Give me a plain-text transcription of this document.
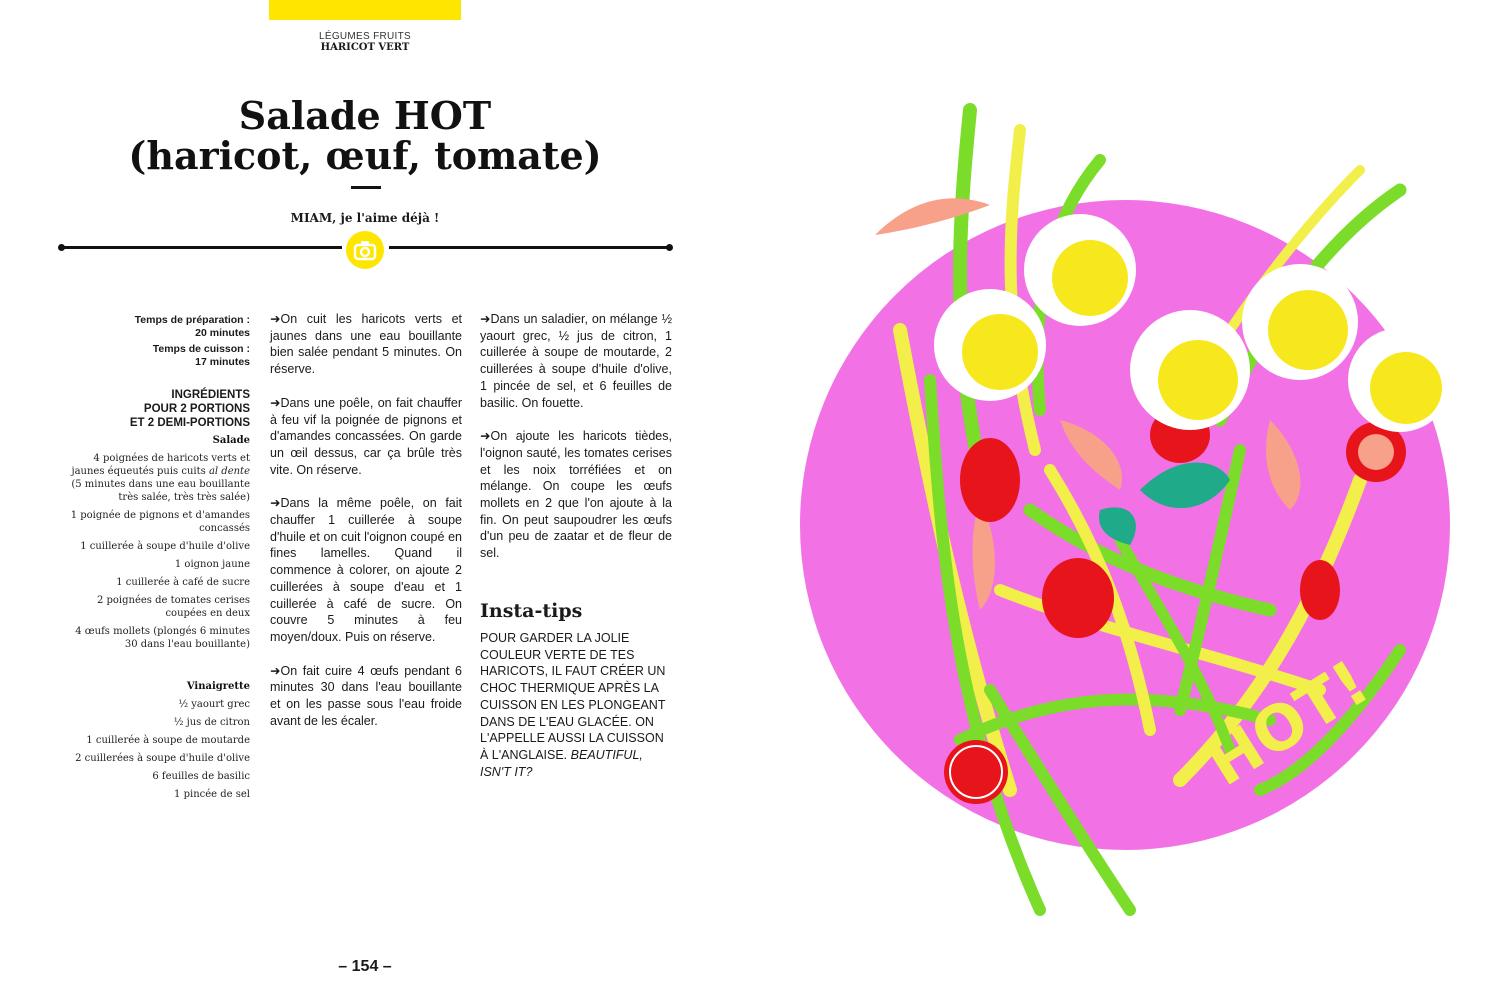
LÉGUMES FRUITS
HARICOT VERT
Salade HOT
(haricot, œuf, tomate)
MIAM, je l'aime déjà !
Temps de préparation :
20 minutes
Temps de cuisson :
17 minutes
INGRÉDIENTS
POUR 2 PORTIONS
ET 2 DEMI-PORTIONS
Salade
4 poignées de haricots verts et jaunes équeutés puis cuits al dente (5 minutes dans une eau bouillante très salée, très très salée)
1 poignée de pignons et d'amandes concassés
1 cuillerée à soupe d'huile d'olive
1 oignon jaune
1 cuillerée à café de sucre
2 poignées de tomates cerises coupées en deux
4 œufs mollets (plongés 6 minutes 30 dans l'eau bouillante)
Vinaigrette
½ yaourt grec
½ jus de citron
1 cuillerée à soupe de moutarde
2 cuillerées à soupe d'huile d'olive
6 feuilles de basilic
1 pincée de sel

➜On cuit les haricots verts et jaunes dans une eau bouillante bien salée pendant 5 minutes. On réserve.

➜Dans une poêle, on fait chauffer à feu vif la poignée de pignons et d'amandes concassées. On garde un œil dessus, car ça brûle très vite. On réserve.

➜Dans la même poêle, on fait chauffer 1 cuillerée à soupe d'huile et on cuit l'oignon coupé en fines lamelles. Quand il commence à colorer, on ajoute 2 cuillerées à soupe d'eau et 1 cuillerée à café de sucre. On couvre 5 minutes à feu moyen/doux. Puis on réserve.

➜On fait cuire 4 œufs pendant 6 minutes 30 dans l'eau bouillante et on les passe sous l'eau froide avant de les écaler.

➜Dans un saladier, on mélange ½ yaourt grec, ½ jus de citron, 1 cuillerée à soupe de moutarde, 2 cuillerées à soupe d'huile d'olive, 1 pincée de sel, et 6 feuilles de basilic. On fouette.

➜On ajoute les haricots tièdes, l'oignon sauté, les tomates cerises et les noix torréfiées et on mélange. On coupe les œufs mollets en 2 que l'on ajoute à la fin. On peut saupoudrer les œufs d'un peu de zaatar et de fleur de sel.

Insta-tips
POUR GARDER LA JOLIE COULEUR VERTE DE TES HARICOTS, IL FAUT CRÉER UN CHOC THERMIQUE APRÈS LA CUISSON EN LES PLONGEANT DANS DE L'EAU GLACÉE. ON L'APPELLE AUSSI LA CUISSON À L'ANGLAISE. BEAUTIFUL, ISN'T IT?
– 154 –
HOT!
